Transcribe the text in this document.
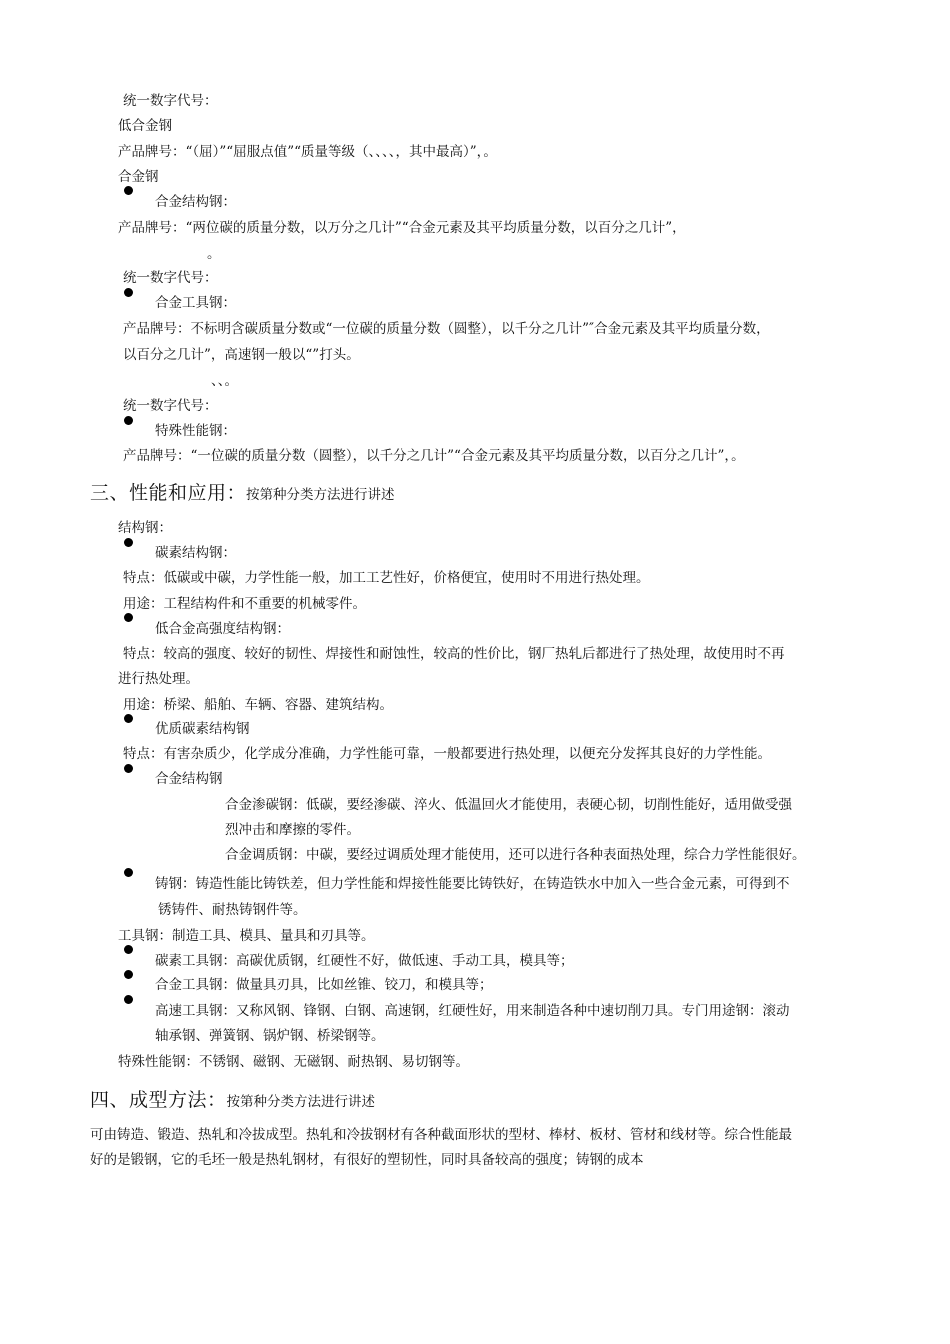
统一数字代号：
低合金钢
产品牌号：“（屈）”“屈服点值”“质量等级（、、、、，其中最高）”，。
合金钢
合金结构钢：
产品牌号：“两位碳的质量分数，以万分之几计”“合金元素及其平均质量分数，以百分之几计”，
。
统一数字代号：
合金工具钢：
产品牌号：不标明含碳质量分数或“一位碳的质量分数（圆整），以千分之几计”″合金元素及其平均质量分数，
以百分之几计”，高速钢一般以“”打头。
、、。
统一数字代号：
特殊性能钢：
产品牌号：“一位碳的质量分数（圆整），以千分之几计”“合金元素及其平均质量分数，以百分之几计”，。
三、性能和应用：按第种分类方法进行讲述
结构钢：
碳素结构钢：
特点：低碳或中碳，力学性能一般，加工工艺性好，价格便宜，使用时不用进行热处理。
用途：工程结构件和不重要的机械零件。
低合金高强度结构钢：
特点：较高的强度、较好的韧性、焊接性和耐蚀性，较高的性价比，钢厂热轧后都进行了热处理，故使用时不再
进行热处理。
用途：桥梁、船舶、车辆、容器、建筑结构。
优质碳素结构钢
特点：有害杂质少，化学成分准确，力学性能可靠，一般都要进行热处理，以便充分发挥其良好的力学性能。
合金结构钢
合金渗碳钢：低碳，要经渗碳、淬火、低温回火才能使用，表硬心韧，切削性能好，适用做受强
烈冲击和摩擦的零件。
合金调质钢：中碳，要经过调质处理才能使用，还可以进行各种表面热处理，综合力学性能很好。
铸钢：铸造性能比铸铁差，但力学性能和焊接性能要比铸铁好，在铸造铁水中加入一些合金元素，可得到不
锈铸件、耐热铸钢件等。
工具钢：制造工具、模具、量具和刃具等。
碳素工具钢：高碳优质钢，红硬性不好，做低速、手动工具，模具等；
合金工具钢：做量具刃具，比如丝锥、铰刀，和模具等；
高速工具钢：又称风钢、锋钢、白钢、高速钢，红硬性好，用来制造各种中速切削刀具。专门用途钢：滚动
轴承钢、弹簧钢、锅炉钢、桥梁钢等。
特殊性能钢：不锈钢、磁钢、无磁钢、耐热钢、易切钢等。
四、成型方法：按第种分类方法进行讲述
可由铸造、锻造、热轧和冷拔成型。热轧和冷拔钢材有各种截面形状的型材、棒材、板材、管材和线材等。综合性能最
好的是锻钢，它的毛坯一般是热轧钢材，有很好的塑韧性，同时具备较高的强度；铸钢的成本
